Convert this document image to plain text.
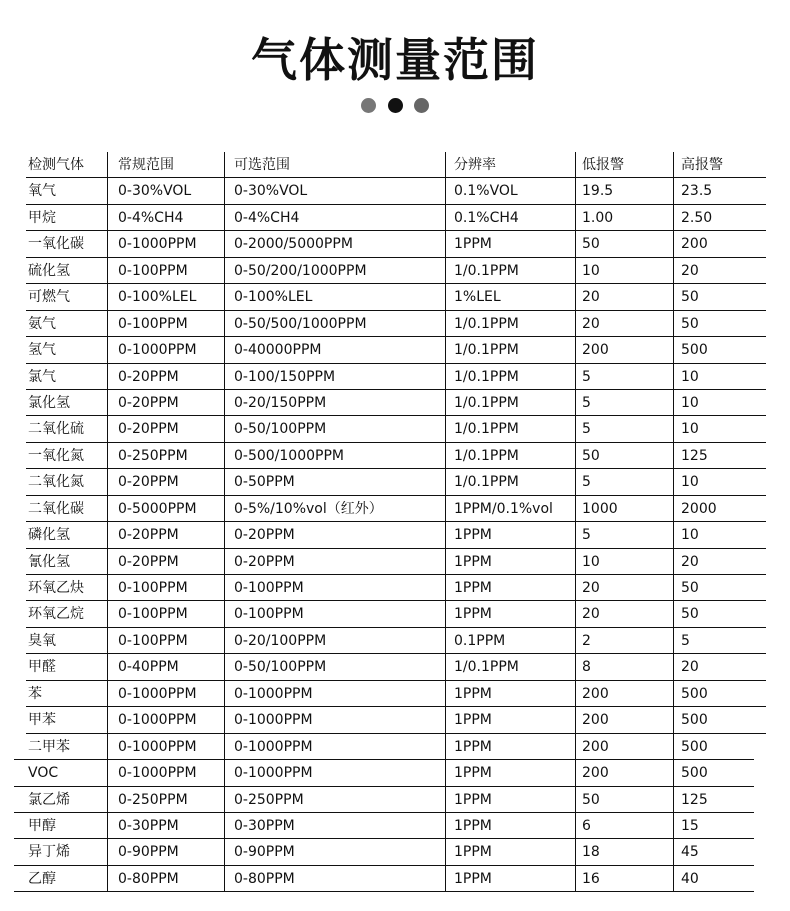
气体测量范围
检测气体	常规范围	可选范围	分辨率	低报警	高报警
氧气	0-30%VOL	0-30%VOL	0.1%VOL	19.5	23.5
甲烷	0-4%CH4	0-4%CH4	0.1%CH4	1.00	2.50
一氧化碳	0-1000PPM	0-2000/5000PPM	1PPM	50	200
硫化氢	0-100PPM	0-50/200/1000PPM	1/0.1PPM	10	20
可燃气	0-100%LEL	0-100%LEL	1%LEL	20	50
氨气	0-100PPM	0-50/500/1000PPM	1/0.1PPM	20	50
氢气	0-1000PPM	0-40000PPM	1/0.1PPM	200	500
氯气	0-20PPM	0-100/150PPM	1/0.1PPM	5	10
氯化氢	0-20PPM	0-20/150PPM	1/0.1PPM	5	10
二氧化硫	0-20PPM	0-50/100PPM	1/0.1PPM	5	10
一氧化氮	0-250PPM	0-500/1000PPM	1/0.1PPM	50	125
二氧化氮	0-20PPM	0-50PPM	1/0.1PPM	5	10
二氧化碳	0-5000PPM	0-5%/10%vol（红外）	1PPM/0.1%vol	1000	2000
磷化氢	0-20PPM	0-20PPM	1PPM	5	10
氰化氢	0-20PPM	0-20PPM	1PPM	10	20
环氧乙炔	0-100PPM	0-100PPM	1PPM	20	50
环氧乙烷	0-100PPM	0-100PPM	1PPM	20	50
臭氧	0-100PPM	0-20/100PPM	0.1PPM	2	5
甲醛	0-40PPM	0-50/100PPM	1/0.1PPM	8	20
苯	0-1000PPM	0-1000PPM	1PPM	200	500
甲苯	0-1000PPM	0-1000PPM	1PPM	200	500
二甲苯	0-1000PPM	0-1000PPM	1PPM	200	500
VOC	0-1000PPM	0-1000PPM	1PPM	200	500
氯乙烯	0-250PPM	0-250PPM	1PPM	50	125
甲醇	0-30PPM	0-30PPM	1PPM	6	15
异丁烯	0-90PPM	0-90PPM	1PPM	18	45
乙醇	0-80PPM	0-80PPM	1PPM	16	40
